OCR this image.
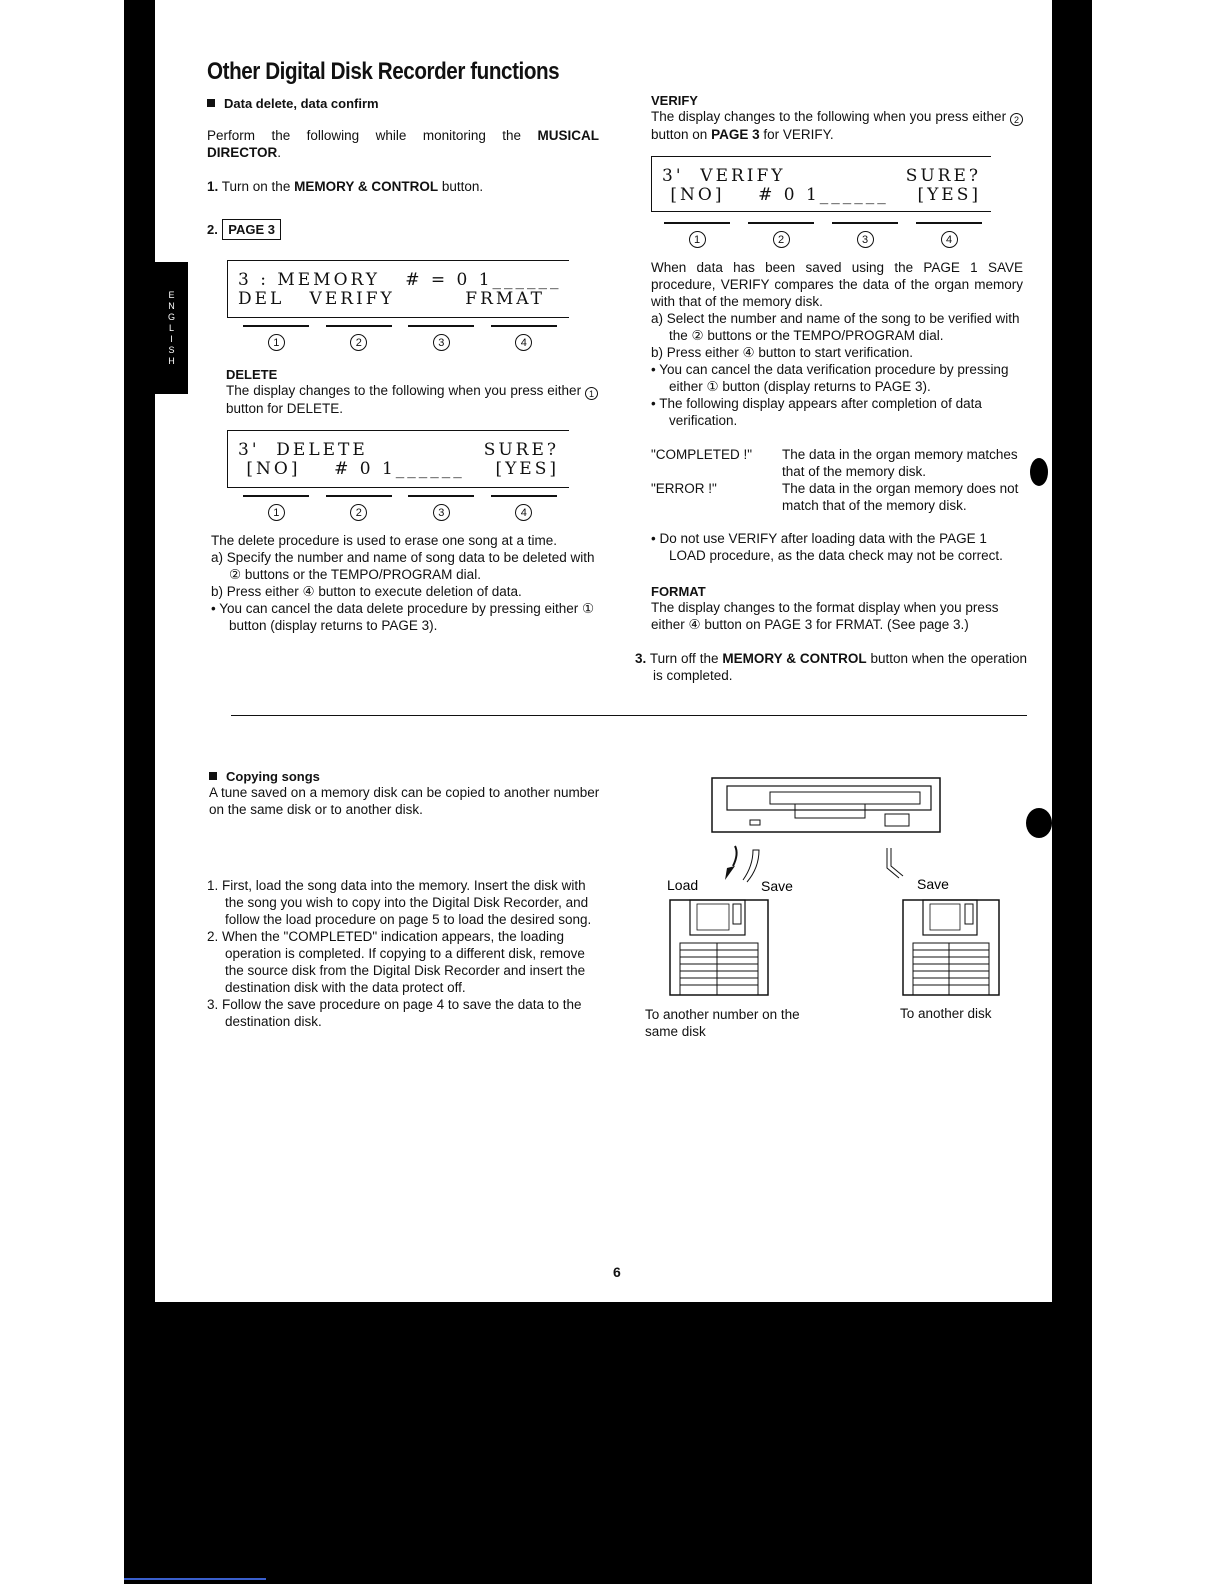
E
N
G
L
I
S
H
Other Digital Disk Recorder functions
Data delete, data confirm

Perform the following while monitoring the MUSICAL DIRECTOR.

1. Turn on the MEMORY & CONTROL button.

2. PAGE 3
3 : MEMORY   # = 0 1______
DEL   VERIFY	FRMAT
1	2	3	4
DELETE

The display changes to the following when you press either 1 button for DELETE.

3'  DELETE	SURE?
[NO]    # 0 1______ [YES]
1	2	3	4

The delete procedure is used to erase one song at a time.

a) Specify the number and name of song data to be deleted with ② buttons or the TEMPO/PROGRAM dial.

b) Press either ④ button to execute deletion of data.

• You can cancel the data delete procedure by pressing either ① button (display returns to PAGE 3).

VERIFY

The display changes to the following when you press either 2 button on PAGE 3 for VERIFY.

3'  VERIFY	SURE?
[NO]    # 0 1______ [YES]
1	2	3	4

When data has been saved using the PAGE 1 SAVE procedure, VERIFY compares the data of the organ memory with that of the memory disk.

a) Select the number and name of the song to be verified with the ② buttons or the TEMPO/PROGRAM dial.

b) Press either ④ button to start verification.

• You can cancel the data verification procedure by pressing either ① button (display returns to PAGE 3).

• The following display appears after completion of data verification.

"COMPLETED !"	The data in the organ memory matches that of the memory disk.

"ERROR !"	The data in the organ memory does not match that of the memory disk.

• Do not use VERIFY after loading data with the PAGE 1 LOAD procedure, as the data check may not be correct.

FORMAT

The display changes to the format display when you press either ④ button on PAGE 3 for FRMAT. (See page 3.)

3. Turn off the MEMORY & CONTROL button when the operation is completed.

Copying songs

A tune saved on a memory disk can be copied to another number on the same disk or to another disk.

1. First, load the song data into the memory. Insert the disk with the song you wish to copy into the Digital Disk Recorder, and follow the load procedure on page 5 to load the desired song.

2. When the "COMPLETED" indication appears, the loading operation is completed. If copying to a different disk, remove the source disk from the Digital Disk Recorder and insert the destination disk with the data protect off.

3. Follow the save procedure on page 4 to save the data to the destination disk.

Load	Save	Save

To another number on the same disk

To another disk

6
